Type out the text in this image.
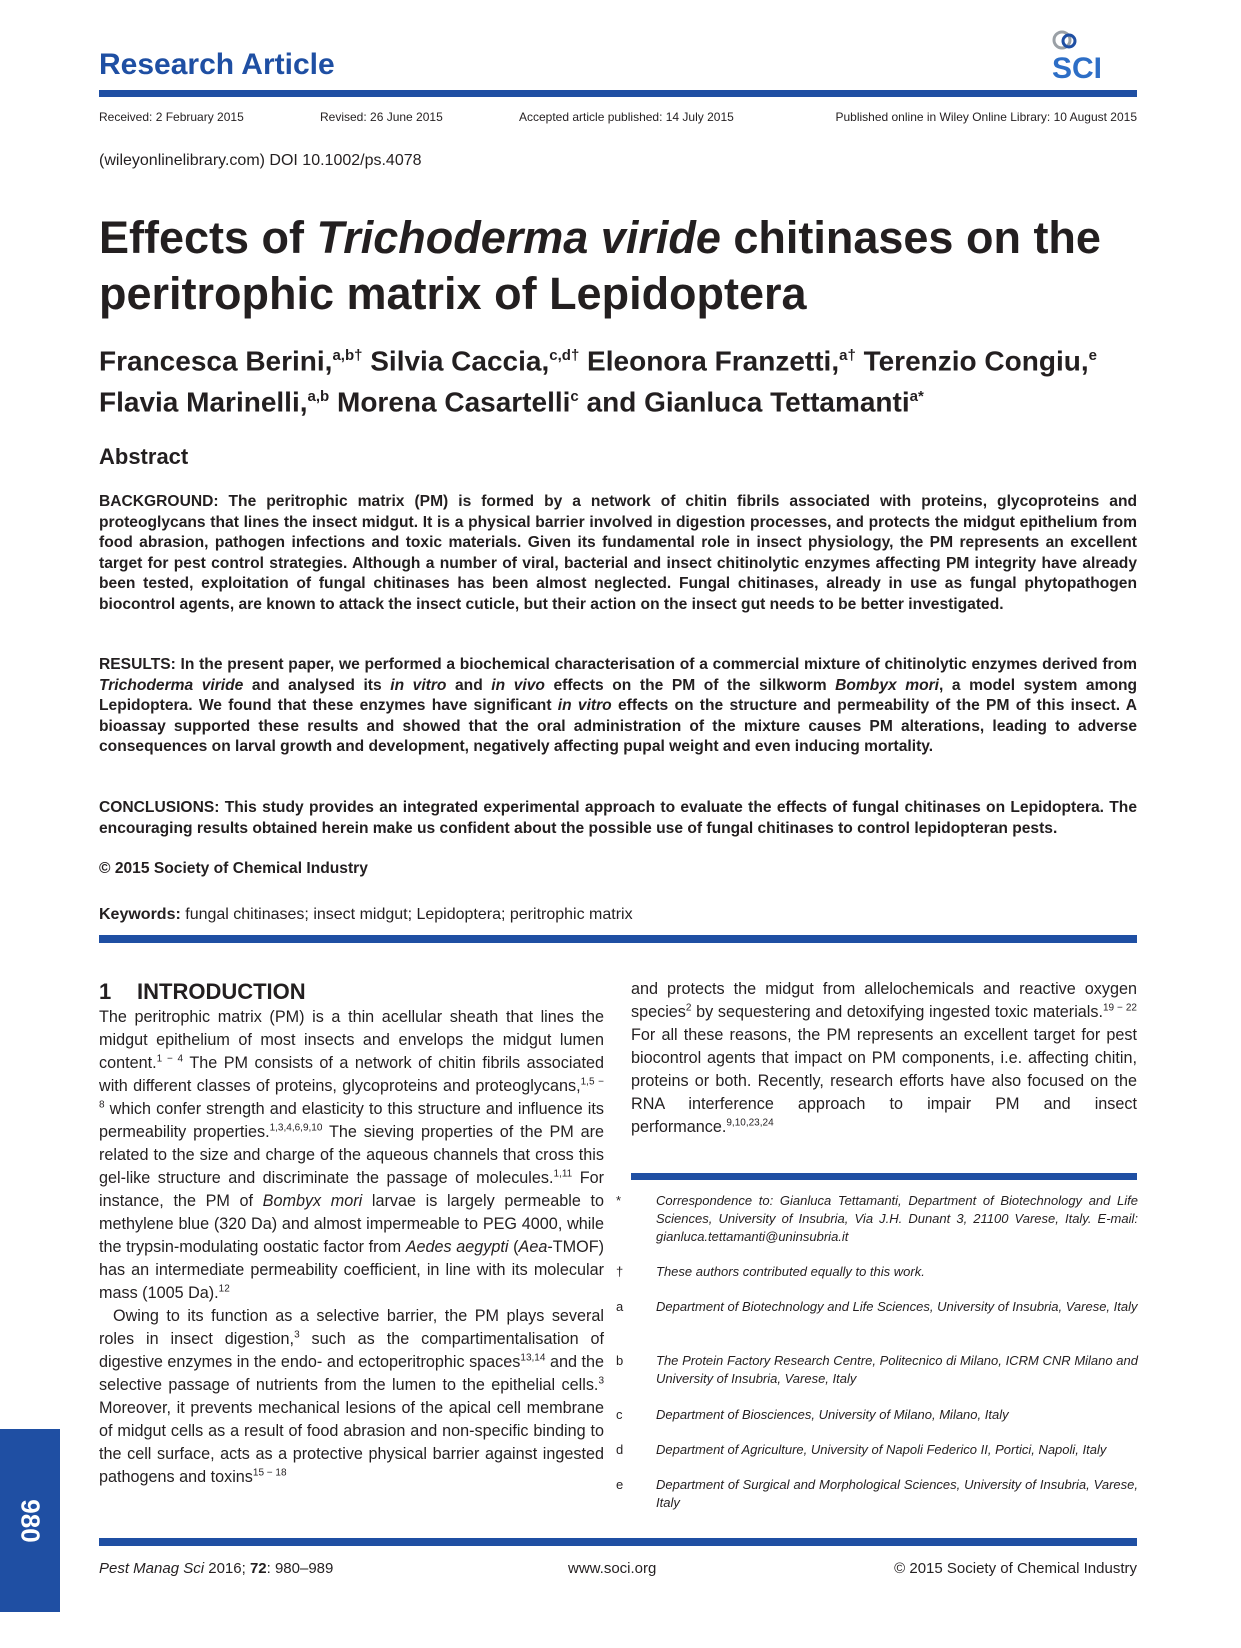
Research Article	SCI
Received: 2 February 2015	Revised: 26 June 2015	Accepted article published: 14 July 2015	Published online in Wiley Online Library: 10 August 2015
(wileyonlinelibrary.com) DOI 10.1002/ps.4078
Effects of Trichoderma viride chitinases on the peritrophic matrix of Lepidoptera
Francesca Berini,$^{a,b\dagger}$ Silvia Caccia,$^{c,d\dagger}$ Eleonora Franzetti,$^{a\dagger}$ Terenzio Congiu,$^e$
Flavia Marinelli,$^{a,b}$ Morena Casartelli$^c$ and Gianluca Tettamanti$^{a*}$
Abstract

BACKGROUND: The peritrophic matrix (PM) is formed by a network of chitin fibrils associated with proteins, glycoproteins and proteoglycans that lines the insect midgut. It is a physical barrier involved in digestion processes, and protects the midgut epithelium from food abrasion, pathogen infections and toxic materials. Given its fundamental role in insect physiology, the PM represents an excellent target for pest control strategies. Although a number of viral, bacterial and insect chitinolytic enzymes affecting PM integrity have already been tested, exploitation of fungal chitinases has been almost neglected. Fungal chitinases, already in use as fungal phytopathogen biocontrol agents, are known to attack the insect cuticle, but their action on the insect gut needs to be better investigated.

RESULTS: In the present paper, we performed a biochemical characterisation of a commercial mixture of chitinolytic enzymes derived from Trichoderma viride and analysed its in vitro and in vivo effects on the PM of the silkworm Bombyx mori, a model system among Lepidoptera. We found that these enzymes have significant in vitro effects on the structure and permeability of the PM of this insect. A bioassay supported these results and showed that the oral administration of the mixture causes PM alterations, leading to adverse consequences on larval growth and development, negatively affecting pupal weight and even inducing mortality.

CONCLUSIONS: This study provides an integrated experimental approach to evaluate the effects of fungal chitinases on Lepidoptera. The encouraging results obtained herein make us confident about the possible use of fungal chitinases to control lepidopteran pests.

© 2015 Society of Chemical Industry
Keywords: fungal chitinases; insect midgut; Lepidoptera; peritrophic matrix
1 INTRODUCTION
The peritrophic matrix (PM) is a thin acellular sheath that lines the midgut epithelium of most insects and envelops the midgut lumen content.$^{1 - 4}$ The PM consists of a network of chitin fibrils associated with different classes of proteins, glycoproteins and proteoglycans,$^{1,5 - 8}$ which confer strength and elasticity to this structure and influence its permeability properties.$^{1,3,4,6,9,10}$ The sieving properties of the PM are related to the size and charge of the aqueous channels that cross this gel-like structure and discriminate the passage of molecules.$^{1,11}$ For instance, the PM of Bombyx mori larvae is largely permeable to methylene blue (320 Da) and almost impermeable to PEG 4000, while the trypsin-modulating oostatic factor from Aedes aegypti (Aea-TMOF) has an intermediate permeability coefficient, in line with its molecular mass (1005 Da).$^{12}$
Owing to its function as a selective barrier, the PM plays several roles in insect digestion,$^3$ such as the compartimentalisation of digestive enzymes in the endo- and ectoperitrophic spaces$^{13,14}$ and the selective passage of nutrients from the lumen to the epithelial cells.$^3$ Moreover, it prevents mechanical lesions of the apical cell membrane of midgut cells as a result of food abrasion and non-specific binding to the cell surface, acts as a protective physical barrier against ingested pathogens and toxins$^{15 - 18}$
and protects the midgut from allelochemicals and reactive oxygen species$^2$ by sequestering and detoxifying ingested toxic materials.$^{19 - 22}$ For all these reasons, the PM represents an excellent target for pest biocontrol agents that impact on PM components, i.e. affecting chitin, proteins or both. Recently, research efforts have also focused on the RNA interference approach to impair PM and insect performance.$^{9,10,23,24}$
*	Correspondence to: Gianluca Tettamanti, Department of Biotechnology and Life Sciences, University of Insubria, Via J.H. Dunant 3, 21100 Varese, Italy. E-mail: gianluca.tettamanti@uninsubria.it
†	These authors contributed equally to this work.
a	Department of Biotechnology and Life Sciences, University of Insubria, Varese, Italy
b	The Protein Factory Research Centre, Politecnico di Milano, ICRM CNR Milano and University of Insubria, Varese, Italy
c	Department of Biosciences, University of Milano, Milano, Italy
d	Department of Agriculture, University of Napoli Federico II, Portici, Napoli, Italy
e	Department of Surgical and Morphological Sciences, University of Insubria, Varese, Italy
980
Pest Manag Sci 2016; 72: 980–989	www.soci.org	© 2015 Society of Chemical Industry
